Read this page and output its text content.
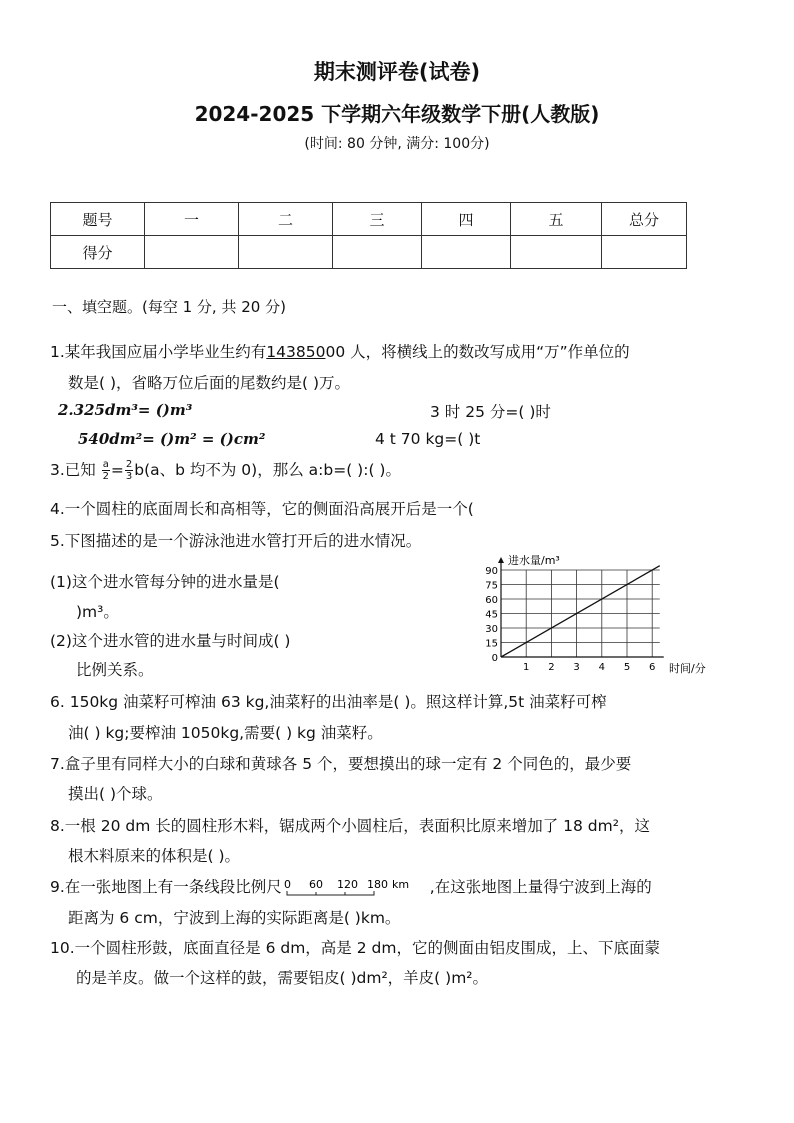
期末测评卷(试卷)
2024-2025 下学期六年级数学下册(人教版)
(时间: 80 分钟, 满分: 100分)
题号	一	二	三	四	五	总分
得分						
一、填空题。(每空 1 分, 共 20 分)
1.某年我国应届小学毕业生约有14385000 人，将横线上的数改写成用“万”作单位的
数是( )，省略万位后面的尾数约是( )万。
2.325dm³= ()m³	3 时 25 分=( )时
540dm²= ()m² = ()cm²	4 t 70 kg=( )t
3.已知 $\frac{a}{2} = \frac{2}{3} b(a$、b 均不为 0)，那么 a:b=( ):( )。
4.一个圆柱的底面周长和高相等，它的侧面沿高展开后是一个(
5.下图描述的是一个游泳池进水管打开后的进水情况。
(1)这个进水管每分钟的进水量是(
)m³。
(2)这个进水管的进水量与时间成( )
比例关系。
0
15
30
45
60
75
90
1 2 3 4 5 6
进水量/m³
时间/分
6. 150kg 油菜籽可榨油 63 kg,油菜籽的出油率是( )。照这样计算,5t 油菜籽可榨
油( ) kg;要榨油 1050kg,需要( ) kg 油菜籽。
7.盒子里有同样大小的白球和黄球各 5 个，要想摸出的球一定有 2 个同色的，最少要
摸出( )个球。
8.一根 20 dm 长的圆柱形木料，锯成两个小圆柱后，表面积比原来增加了 18 dm²，这
根木料原来的体积是( )。
9.在一张地图上有一条线段比例尺 0 60 120 180 km ,在这张地图上量得宁波到上海的
距离为 6 cm，宁波到上海的实际距离是( )km。
10.一个圆柱形鼓，底面直径是 6 dm，高是 2 dm，它的侧面由铝皮围成，上、下底面蒙
的是羊皮。做一个这样的鼓，需要铝皮( )dm²，羊皮( )m²。
